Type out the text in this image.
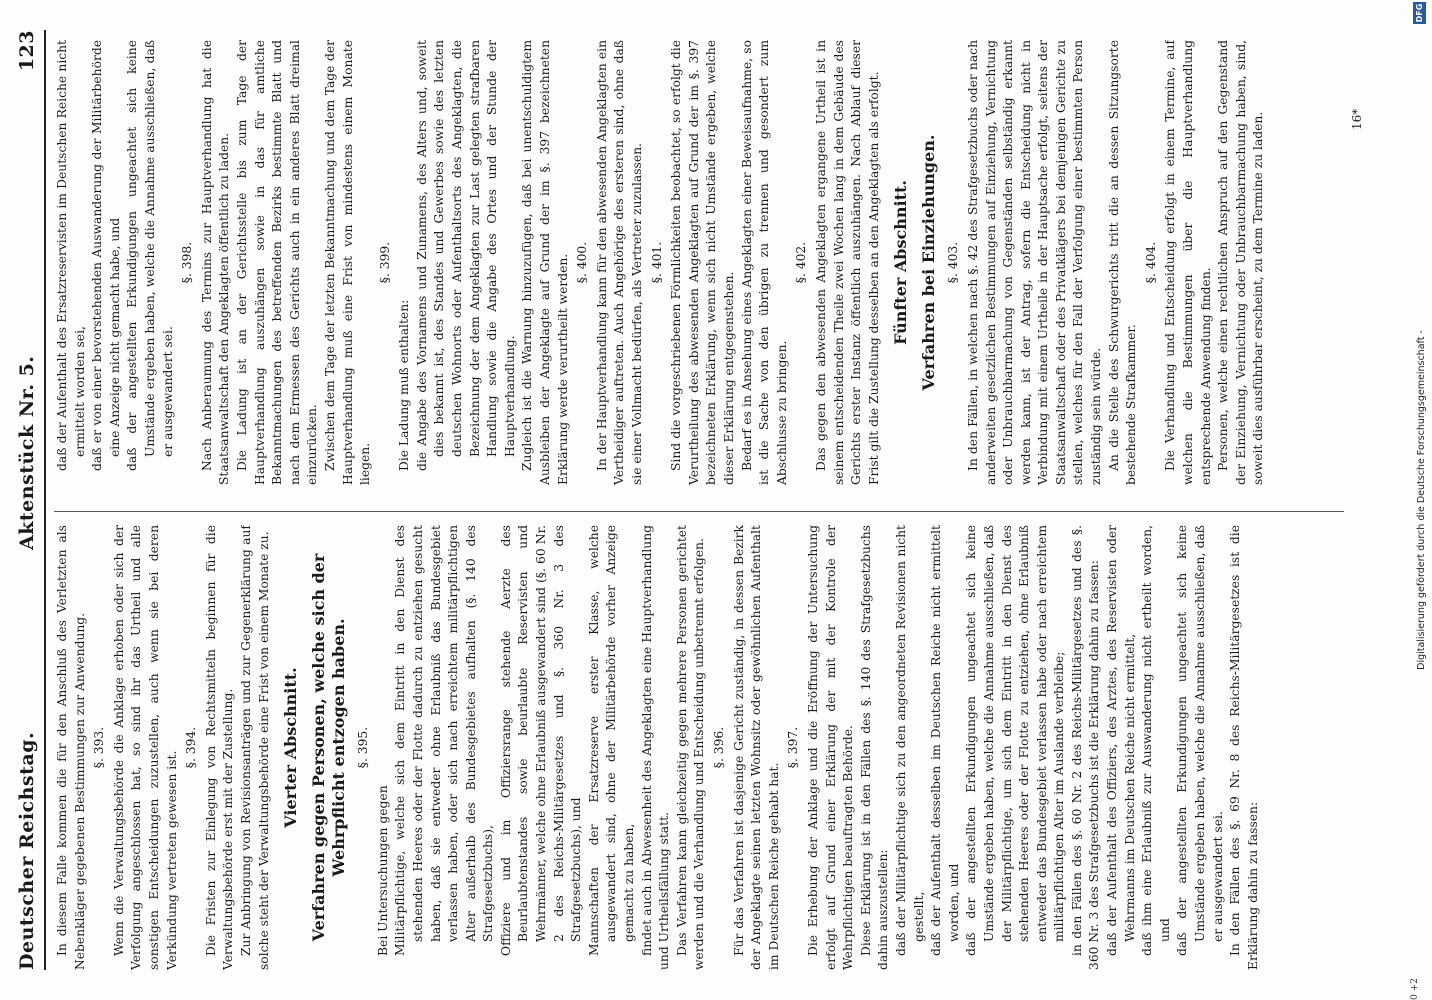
0 +2
Deutscher Reichstag.
Aktenstück Nr. 5.
123

In diesem Falle kommen die für den Anschluß des Verletzten als Nebenkläger gegebenen Bestimmungen zur Anwendung. §. 393. Wenn die Verwaltungsbehörde die Anklage erhoben oder sich der Verfolgung angeschlossen hat, so sind ihr das Urtheil und alle sonstigen Entscheidungen zuzustellen, auch wenn sie bei deren Verkündung vertreten gewesen ist.

§. 394. Die Fristen zur Einlegung von Rechtsmitteln beginnen für die Verwaltungsbehörde erst mit der Zustellung. Zur Anbringung von Revisionsanträgen und zur Gegenerklärung auf solche steht der Verwaltungsbehörde eine Frist von einem Monate zu. Vierter Abschnitt. Verfahren gegen Personen, welche sich der Wehrpflicht entzogen haben. §. 395.

Bei Untersuchungen gegen Militärpflichtige, welche sich dem Eintritt in den Dienst des stehenden Heeres oder der Flotte dadurch zu entziehen gesucht haben, daß sie entweder ohne Erlaubniß das Bundesgebiet verlassen haben, oder sich nach erreichtem militärpflichtigen Alter außerhalb des Bundesgebietes aufhalten (§. 140 des Strafgesetzbuchs), Offiziere und im Offiziersrange stehende Aerzte des Beurlaubtenstandes sowie beurlaubte Reservisten und Wehrmänner, welche ohne Erlaubniß ausgewandert sind (§. 60 Nr. 2 des Reichs-Militärgesetzes und §. 360 Nr. 3 des Strafgesetzbuchs), und Mannschaften der Ersatzreserve erster Klasse, welche ausgewandert sind, ohne der Militärbehörde vorher Anzeige gemacht zu haben, findet auch in Abwesenheit des Angeklagten eine Hauptverhandlung und Urtheilsfällung statt. Das Verfahren kann gleichzeitig gegen mehrere Personen gerichtet werden und die Verhandlung und Entscheidung unbetrennt erfolgen. §. 396. Für das Verfahren ist dasjenige Gericht zuständig, in dessen Bezirk der Angeklagte seinen letzten Wohnsitz oder gewöhnlichen Aufenthalt im Deutschen Reiche gehabt hat.

§. 397. Die Erhebung der Anklage und die Eröffnung der Untersuchung erfolgt auf Grund einer Erklärung der mit der Kontrole der Wehrpflichtigen beauftragten Behörde. Diese Erklärung ist in den Fällen des §. 140 des Strafgesetzbuchs dahin auszustellen: daß der Militärpflichtige sich zu den angeordneten Revisionen nicht gestellt, daß der Aufenthalt desselben im Deutschen Reiche nicht ermittelt worden, und daß der angestellten Erkundigungen ungeachtet sich keine Umstände ergeben haben, welche die Annahme ausschließen, daß der Militärpflichtige, um sich dem Eintritt in den Dienst des stehenden Heeres oder der Flotte zu entziehen, ohne Erlaubniß entweder das Bundesgebiet verlassen habe oder nach erreichtem militärpflichtigen Alter im Auslande verbleibe; in den Fällen des §. 60 Nr. 2 des Reichs-Militärgesetzes und des §. 360 Nr. 3 des Strafgesetzbuchs ist die Erklärung dahin zu fassen: daß der Aufenthalt des Offiziers, des Arztes, des Reservisten oder Wehrmanns im Deutschen Reiche nicht ermittelt, daß ihm eine Erlaubniß zur Auswanderung nicht ertheilt worden, und daß der angestellten Erkundigungen ungeachtet sich keine Umstände ergeben haben, welche die Annahme ausschließen, daß er ausgewandert sei. In den Fällen des §. 69 Nr. 8 des Reichs-Militärgesetzes ist die Erklärung dahin zu fassen:

daß der Aufenthalt des Ersatzreservisten im Deutschen Reiche nicht ermittelt worden sei, daß er von einer bevorstehenden Auswanderung der Militärbehörde eine Anzeige nicht gemacht habe, und daß der angestellten Erkundigungen ungeachtet sich keine Umstände ergeben haben, welche die Annahme ausschließen, daß er ausgewandert sei.

§. 398. Nach Anberaumung des Termins zur Hauptverhandlung hat die Staatsanwaltschaft den Angeklagten öffentlich zu laden. Die Ladung ist an der Gerichtsstelle bis zum Tage der Hauptverhandlung auszuhängen sowie in das für amtliche Bekanntmachungen des betreffenden Bezirks bestimmte Blatt und nach dem Ermessen des Gerichts auch in ein anderes Blatt dreimal einzurücken. Zwischen dem Tage der letzten Bekanntmachung und dem Tage der Hauptverhandlung muß eine Frist von mindestens einem Monate liegen.

§. 399.

Die Ladung muß enthalten: die Angabe des Vornamens und Zunamens, des Alters und, soweit dies bekannt ist, des Standes und Gewerbes sowie des letzten deutschen Wohnorts oder Aufenthaltsorts des Angeklagten, die Bezeichnung der dem Angeklagten zur Last gelegten strafbaren Handlung sowie die Angabe des Ortes und der Stunde der Hauptverhandlung. Zugleich ist die Warnung hinzuzufügen, daß bei unentschuldigtem Ausbleiben der Angeklagte auf Grund der im §. 397 bezeichneten Erklärung werde verurtheilt werden. §. 400. In der Hauptverhandlung kann für den abwesenden Angeklagten ein Vertheidiger auftreten. Auch Angehörige des ersteren sind, ohne daß sie einer Vollmacht bedürfen, als Vertreter zuzulassen. §. 401. Sind die vorgeschriebenen Förmlichkeiten beobachtet, so erfolgt die Verurtheilung des abwesenden Angeklagten auf Grund der im §. 397 bezeichneten Erklärung, wenn sich nicht Umstände ergeben, welche dieser Erklärung entgegenstehen. Bedarf es in Ansehung eines Angeklagten einer Beweisaufnahme, so ist die Sache von den übrigen zu trennen und gesondert zum Abschlusse zu bringen.

§. 402. Das gegen den abwesenden Angeklagten ergangene Urtheil ist in seinem entscheidenden Theile zwei Wochen lang in dem Gebäude des Gerichts erster Instanz öffentlich auszuhängen. Nach Ablauf dieser Frist gilt die Zustellung desselben an den Angeklagten als erfolgt. Fünfter Abschnitt. Verfahren bei Einziehungen. §. 403. In den Fällen, in welchen nach §. 42 des Strafgesetzbuchs oder nach anderweiten gesetzlichen Bestimmungen auf Einziehung, Vernichtung oder Unbrauchbarmachung von Gegenständen selbständig erkannt werden kann, ist der Antrag, sofern die Entscheidung nicht in Verbindung mit einem Urtheile in der Hauptsache erfolgt, seitens der Staatsanwaltschaft oder des Privatklägers bei demjenigen Gerichte zu stellen, welches für den Fall der Verfolgung einer bestimmten Person zuständig sein würde. An die Stelle des Schwurgerichts tritt die an dessen Sitzungsorte bestehende Strafkammer.

§. 404. Die Verhandlung und Entscheidung erfolgt in einem Termine, auf welchen die Bestimmungen über die Hauptverhandlung entsprechende Anwendung finden. Personen, welche einen rechtlichen Anspruch auf den Gegenstand der Einziehung, Vernichtung oder Unbrauchbarmachung haben, sind, soweit dies ausführbar erscheint, zu dem Termine zu laden.	16*
Digitalisierung gefördert durch die Deutsche Forschungsgemeinschaft -
DFG
